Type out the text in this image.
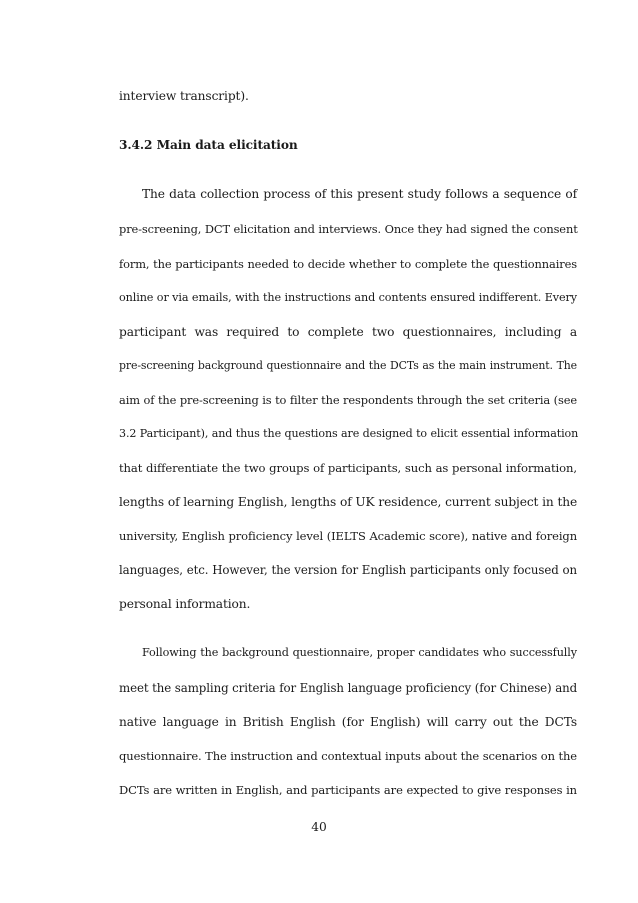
interview transcript).
3.4.2 Main data elicitation
The data collection process of this present study follows a sequence of
pre-screening, DCT elicitation and interviews. Once they had signed the consent
form, the participants needed to decide whether to complete the questionnaires
online or via emails, with the instructions and contents ensured indifferent. Every
participant was required to complete two questionnaires, including a
pre-screening background questionnaire and the DCTs as the main instrument. The
aim of the pre-screening is to filter the respondents through the set criteria (see
3.2 Participant), and thus the questions are designed to elicit essential information
that differentiate the two groups of participants, such as personal information,
lengths of learning English, lengths of UK residence, current subject in the
university, English proficiency level (IELTS Academic score), native and foreign
languages, etc. However, the version for English participants only focused on
personal information.
Following the background questionnaire, proper candidates who successfully
meet the sampling criteria for English language proficiency (for Chinese) and
native language in British English (for English) will carry out the DCTs
questionnaire. The instruction and contextual inputs about the scenarios on the
DCTs are written in English, and participants are expected to give responses in
40
